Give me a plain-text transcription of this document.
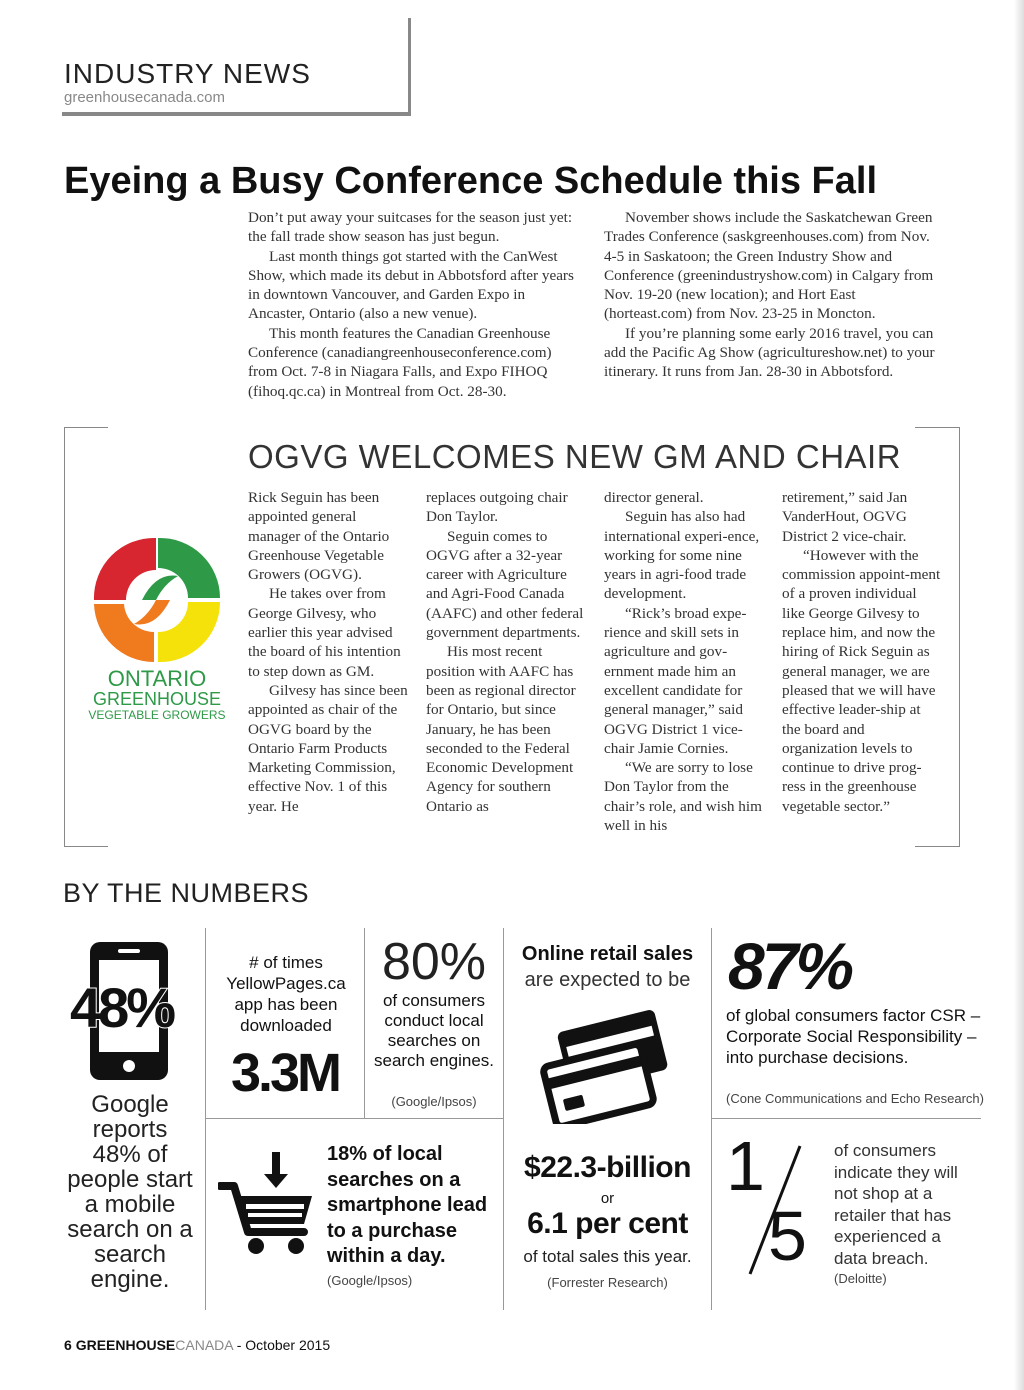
INDUSTRY NEWS
greenhousecanada.com
Eyeing a Busy Conference Schedule this Fall

Don’t put away your suitcases for the season just yet: the fall trade show season has just begun.

Last month things got started with the CanWest Show, which made its debut in Abbotsford after years in downtown Vancouver, and Garden Expo in Ancaster, Ontario (also a new venue).

This month features the Canadian Greenhouse Conference (canadiangreenhouseconference.com) from Oct. 7-8 in Niagara Falls, and Expo FIHOQ (fihoq.qc.ca) in Montreal from Oct. 28-30.

November shows include the Saskatchewan Green Trades Conference (saskgreenhouses.com) from Nov. 4-5 in Saskatoon; the Green Industry Show and Conference (greenindustryshow.com) in Calgary from Nov. 19-20 (new location); and Hort East (horteast.com) from Nov. 23-25 in Moncton.

If you’re planning some early 2016 travel, you can add the Pacific Ag Show (agricultureshow.net) to your itinerary. It runs from Jan. 28-30 in Abbotsford.

OGVG WELCOMES NEW GM AND CHAIR
ONTARIO
GREENHOUSE
VEGETABLE GROWERS

Rick Seguin has been appointed general manager of the Ontario Greenhouse Vegetable Growers (OGVG).

He takes over from George Gilvesy, who earlier this year advised the board of his intention to step down as GM.

Gilvesy has since been appointed as chair of the OGVG board by the Ontario Farm Products Marketing Commission, effective Nov. 1 of this year. He

replaces outgoing chair Don Taylor.

Seguin comes to OGVG after a 32-year career with Agriculture and Agri-Food Canada (AAFC) and other federal government departments.

His most recent position with AAFC has been as regional director for Ontario, but since January, he has been seconded to the Federal Economic Development Agency for southern Ontario as

director general.

Seguin has also had international experi-ence, working for some nine years in agri-food trade development.

“Rick’s broad expe-rience and skill sets in agriculture and gov-ernment made him an excellent candidate for general manager,” said OGVG District 1 vice-chair Jamie Cornies.

“We are sorry to lose Don Taylor from the chair’s role, and wish him well in his

retirement,” said Jan VanderHout, OGVG District 2 vice-chair.

“However with the commission appoint-ment of a proven individual like George Gilvesy to replace him, and now the hiring of Rick Seguin as general manager, we are pleased that we will have effective leader-ship at the board and organization levels to continue to drive prog-ress in the greenhouse vegetable sector.”

BY THE NUMBERS
48%
Google reports 48% of people start a mobile search on a search engine.
# of times YellowPages.ca app has been downloaded
3.3M
80%
of consumers conduct local searches on search engines.
(Google/Ipsos)
Online retail sales
are expected to be
$22.3-billion
or
6.1 per cent
of total sales this year.
(Forrester Research)
87%
of global consumers factor CSR – Corporate Social Responsibility – into purchase decisions.
(Cone Communications and Echo Research)
18% of local searches on a smartphone lead to a purchase within a day.
(Google/Ipsos)
1
5
of consumers indicate they will not shop at a retailer that has experienced a data breach.
(Deloitte)
6 GREENHOUSECANADA - October 2015
